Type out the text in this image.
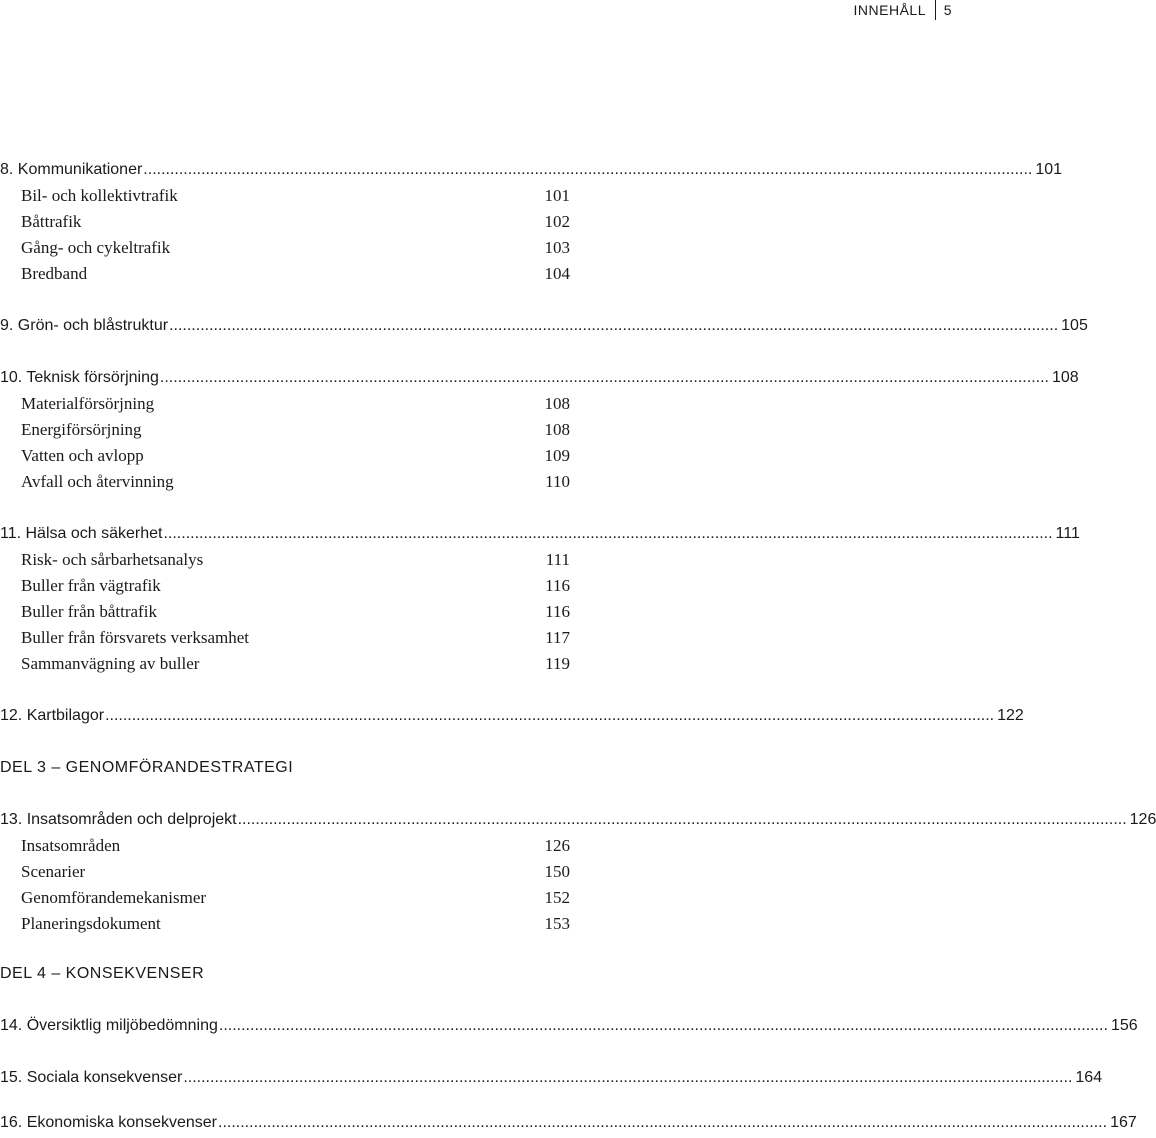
INNEHÅLL 5
8. Kommunikationer ........................................................................................................................................................................................................ 101
Bil- och kollektivtrafik	101
Båttrafik	102
Gång- och cykeltrafik	103
Bredband	104
9. Grön- och blåstruktur ........................................................................................................................................................................................................ 105
10. Teknisk försörjning ........................................................................................................................................................................................................ 108
Materialförsörjning	108
Energiförsörjning	108
Vatten och avlopp	109
Avfall och återvinning	110
11. Hälsa och säkerhet ........................................................................................................................................................................................................ 111
Risk- och sårbarhetsanalys	111
Buller från vägtrafik	116
Buller från båttrafik	116
Buller från försvarets verksamhet	117
Sammanvägning av buller	119
12. Kartbilagor ........................................................................................................................................................................................................ 122
DEL 3 – GENOMFÖRANDESTRATEGI
13. Insatsområden och delprojekt ........................................................................................................................................................................................................ 126
Insatsområden	126
Scenarier	150
Genomförandemekanismer	152
Planeringsdokument	153
DEL 4 – KONSEKVENSER
14. Översiktlig miljöbedömning ........................................................................................................................................................................................................ 156
15. Sociala konsekvenser ........................................................................................................................................................................................................ 164
16. Ekonomiska konsekvenser ........................................................................................................................................................................................................ 167
